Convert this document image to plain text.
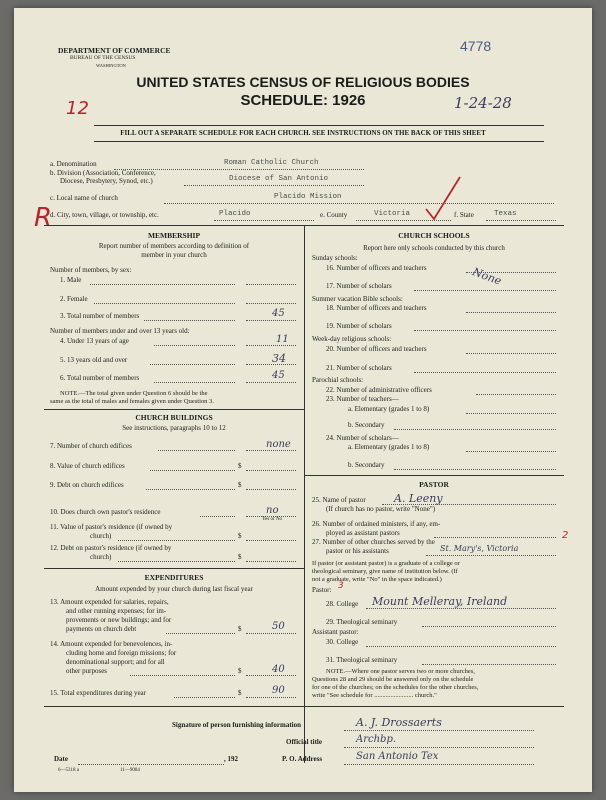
DEPARTMENT OF COMMERCE
BUREAU OF THE CENSUS
WASHINGTON
4778
UNITED STATES CENSUS OF RELIGIOUS BODIES
SCHEDULE: 1926
12	1-24-28
FILL OUT A SEPARATE SCHEDULE FOR EACH CHURCH. SEE INSTRUCTIONS ON THE BACK OF THIS SHEET
a. Denomination	Roman Catholic Church
b. Division (Association, Conference,
Diocese, Presbytery, Synod, etc.)	Diocese of San Antonio
c. Local name of church	Placido Mission
R
d. City, town, village, or township, etc.	Placido	e. County	Victoria	f. State	Texas
MEMBERSHIP
Report number of members according to definition of
member in your church
Number of members, by sex:
1. Male
2. Female
3. Total number of members	45
Number of members under and over 13 years old:
4. Under 13 years of age	11
5. 13 years old and over	34
6. Total number of members	45
NOTE.—The total given under Question 6 should be the
same as the total of males and females given under Question 3.
CHURCH BUILDINGS
See instructions, paragraphs 10 to 12
7. Number of church edifices	none
8. Value of church edifices	$
9. Debt on church edifices	$
10. Does church own pastor's residence	no
Yes or No
11. Value of pastor's residence (if owned by
church)	$
12. Debt on pastor's residence (if owned by
church)	$
EXPENDITURES
Amount expended by your church during last fiscal year
13. Amount expended for salaries, repairs,
and other running expenses; for im-
provements or new buildings; and for
payments on church debt	$	50
14. Amount expended for benevolences, in-
cluding home and foreign missions; for
denominational support; and for all
other purposes	$	40
15. Total expenditures during year	$	90
CHURCH SCHOOLS
Report here only schools conducted by this church
Sunday schools:
16. Number of officers and teachers
17. Number of scholars	None
Summer vacation Bible schools:
18. Number of officers and teachers
19. Number of scholars
Week-day religious schools:
20. Number of officers and teachers
21. Number of scholars
Parochial schools:
22. Number of administrative officers
23. Number of teachers—
a. Elementary (grades 1 to 8)
b. Secondary
24. Number of scholars—
a. Elementary (grades 1 to 8)
b. Secondary
PASTOR
25. Name of pastor	A. Leeny
(If church has no pastor, write "None")
26. Number of ordained ministers, if any, em-
ployed as assistant pastors
27. Number of other churches served by the
pastor or his assistants	St. Mary's, Victoria
2
If pastor (or assistant pastor) is a graduate of a college or
theological seminary, give name of institution below. (If
not a graduate, write "No" in the space indicated.)
Pastor: 3
28. College Mount Melleray, Ireland
29. Theological seminary
Assistant pastor:
30. College
31. Theological seminary
NOTE.—Where one pastor serves two or more churches,
Questions 28 and 29 should be answered only on the schedule
for one of the churches; on the schedules for the other churches,
write "See schedule for ........................ church."
Signature of person furnishing information	A. J. Drossaerts
Official title	Archbp.
Date	, 192	P. O. Address	San Antonio Tex
6—5318 a	11—9084
